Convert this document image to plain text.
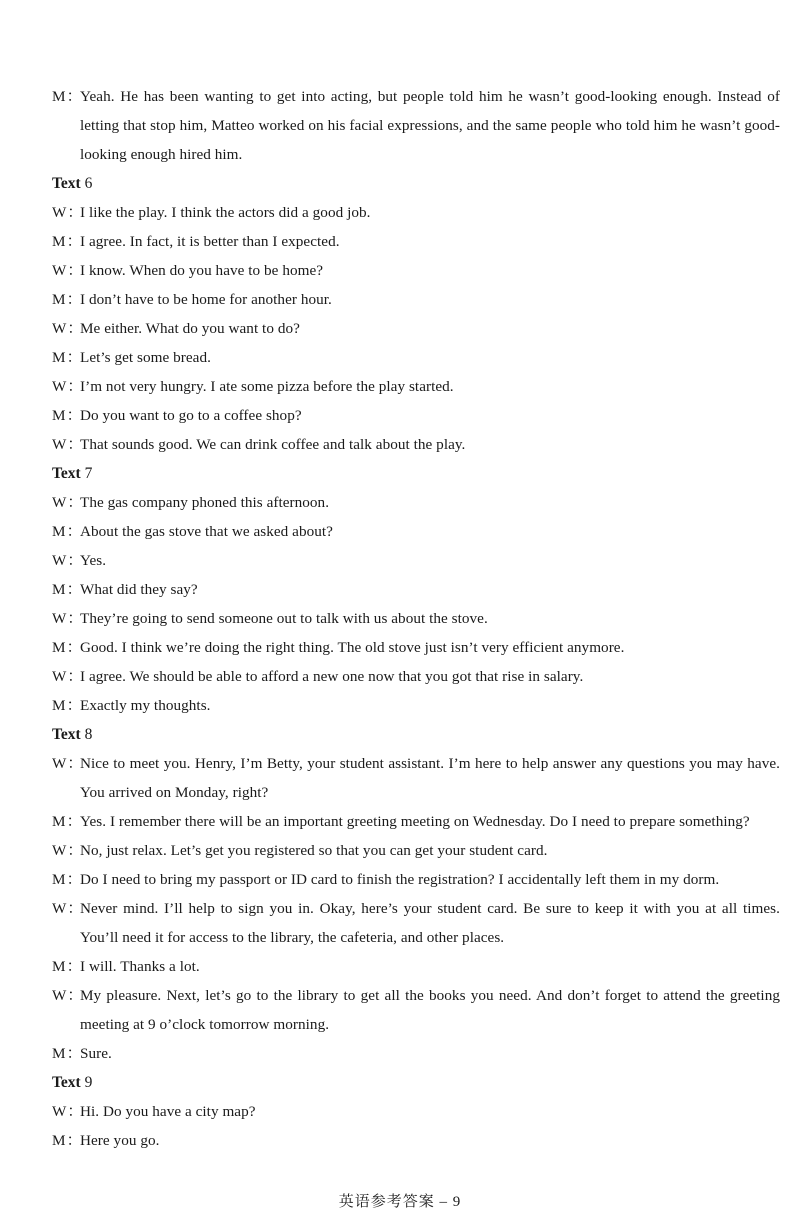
M：
Yeah. He has been wanting to get into acting, but people told him he wasn’t good-looking enough. Instead of letting that stop him, Matteo worked on his facial expressions, and the same people who told him he wasn’t good-looking enough hired him.
Text 6
W：
I like the play. I think the actors did a good job.
M：
I agree. In fact, it is better than I expected.
W：
I know. When do you have to be home?
M：
I don’t have to be home for another hour.
W：
Me either. What do you want to do?
M：
Let’s get some bread.
W：
I’m not very hungry. I ate some pizza before the play started.
M：
Do you want to go to a coffee shop?
W：
That sounds good. We can drink coffee and talk about the play.
Text 7
W：
The gas company phoned this afternoon.
M：
About the gas stove that we asked about?
W：
Yes.
M：
What did they say?
W：
They’re going to send someone out to talk with us about the stove.
M：
Good. I think we’re doing the right thing. The old stove just isn’t very efficient anymore.
W：
I agree. We should be able to afford a new one now that you got that rise in salary.
M：
Exactly my thoughts.
Text 8
W：
Nice to meet you. Henry, I’m Betty, your student assistant. I’m here to help answer any questions you may have. You arrived on Monday, right?
M：
Yes. I remember there will be an important greeting meeting on Wednesday. Do I need to prepare something?
W：
No, just relax. Let’s get you registered so that you can get your student card.
M：
Do I need to bring my passport or ID card to finish the registration? I accidentally left them in my dorm.
W：
Never mind. I’ll help to sign you in. Okay, here’s your student card. Be sure to keep it with you at all times. You’ll need it for access to the library, the cafeteria, and other places.
M：
I will. Thanks a lot.
W：
My pleasure. Next, let’s go to the library to get all the books you need. And don’t forget to attend the greeting meeting at 9 o’clock tomorrow morning.
M：
Sure.
Text 9
W：
Hi. Do you have a city map?
M：
Here you go.
英语参考答案 – 9
